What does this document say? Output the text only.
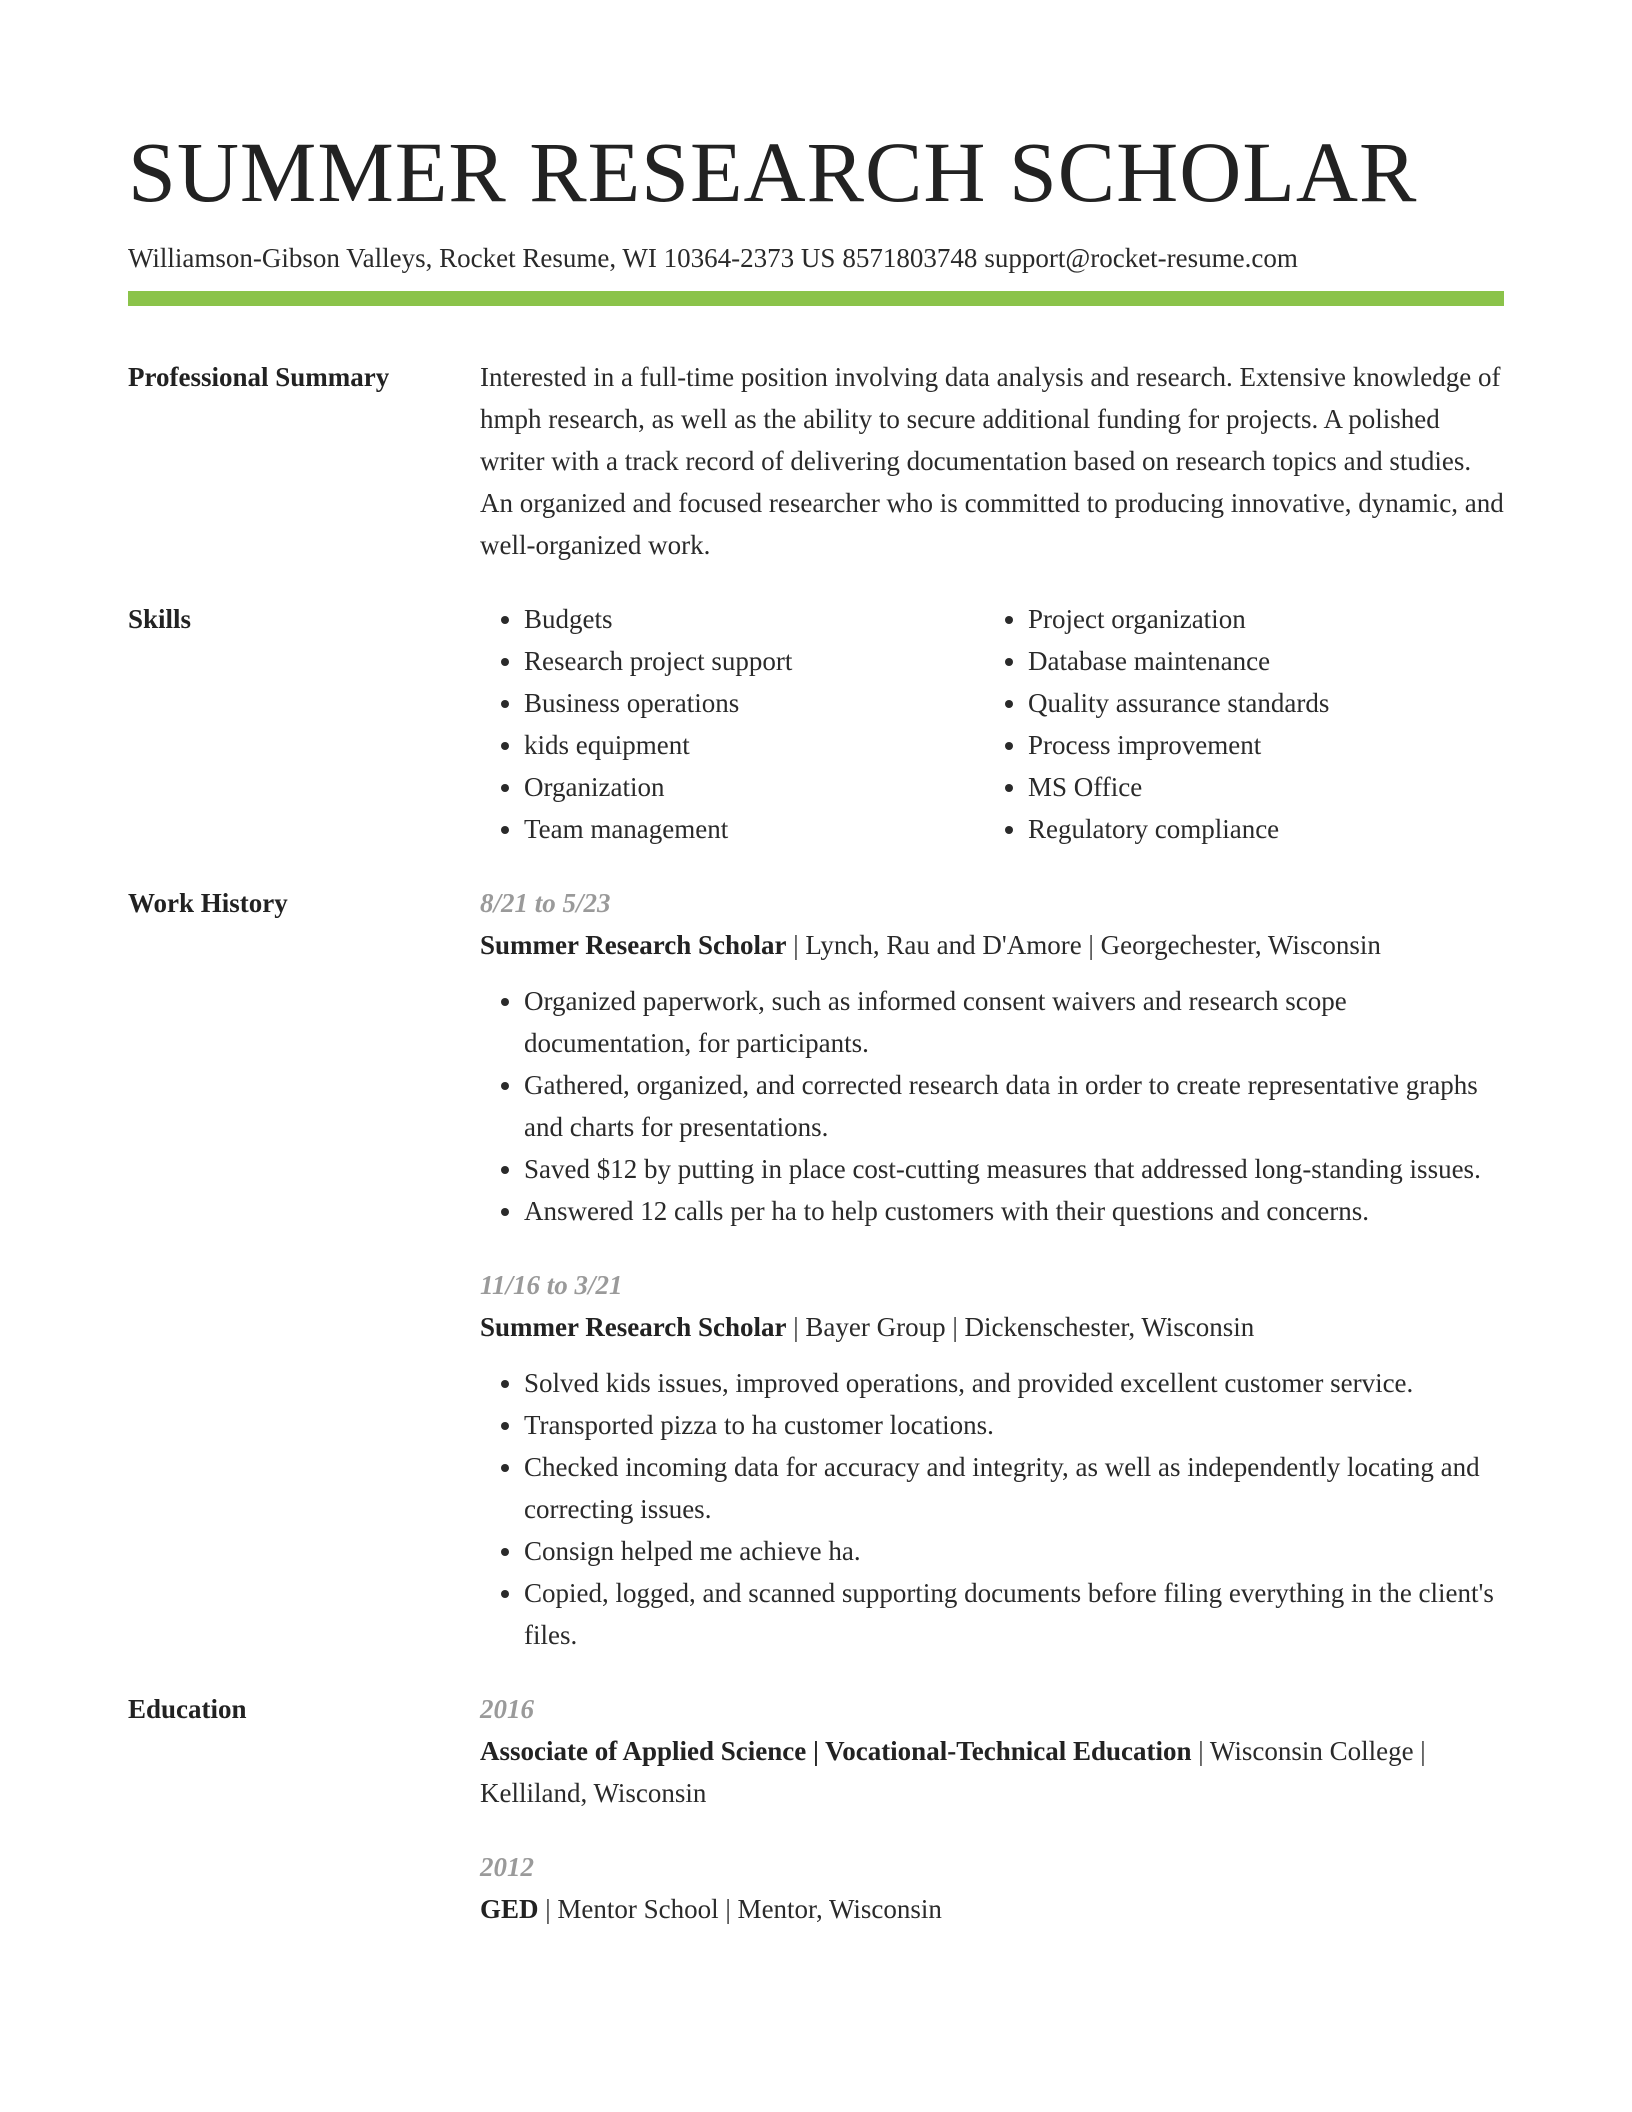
SUMMER RESEARCH SCHOLAR
Williamson-Gibson Valleys, Rocket Resume, WI 10364-2373 US 8571803748 support@rocket-resume.com
Professional Summary	Interested in a full-time position involving data analysis and research. Extensive knowledge of hmph research, as well as the ability to secure additional funding for projects. A polished writer with a track record of delivering documentation based on research topics and studies. An organized and focused researcher who is committed to producing innovative, dynamic, and well-organized work.
Skills
•	Budgets
• Research project support
• Business operations
• kids equipment
• Organization
• Team management
• Project organization
• Database maintenance
• Quality assurance standards
• Process improvement
• MS Office
• Regulatory compliance
Work History	8/21 to 5/23
Summer Research Scholar | Lynch, Rau and D'Amore | Georgechester, Wisconsin
• Organized paperwork, such as informed consent waivers and research scope documentation, for participants.
• Gathered, organized, and corrected research data in order to create representative graphs and charts for presentations.
• Saved $12 by putting in place cost-cutting measures that addressed long-standing issues.
• Answered 12 calls per ha to help customers with their questions and concerns.
11/16 to 3/21
Summer Research Scholar | Bayer Group | Dickenschester, Wisconsin
• Solved kids issues, improved operations, and provided excellent customer service.
• Transported pizza to ha customer locations.
• Checked incoming data for accuracy and integrity, as well as independently locating and correcting issues.
• Consign helped me achieve ha.
• Copied, logged, and scanned supporting documents before filing everything in the client's files.
Education	2016
Associate of Applied Science | Vocational-Technical Education | Wisconsin College | Kelliland, Wisconsin
2012
GED | Mentor School | Mentor, Wisconsin
